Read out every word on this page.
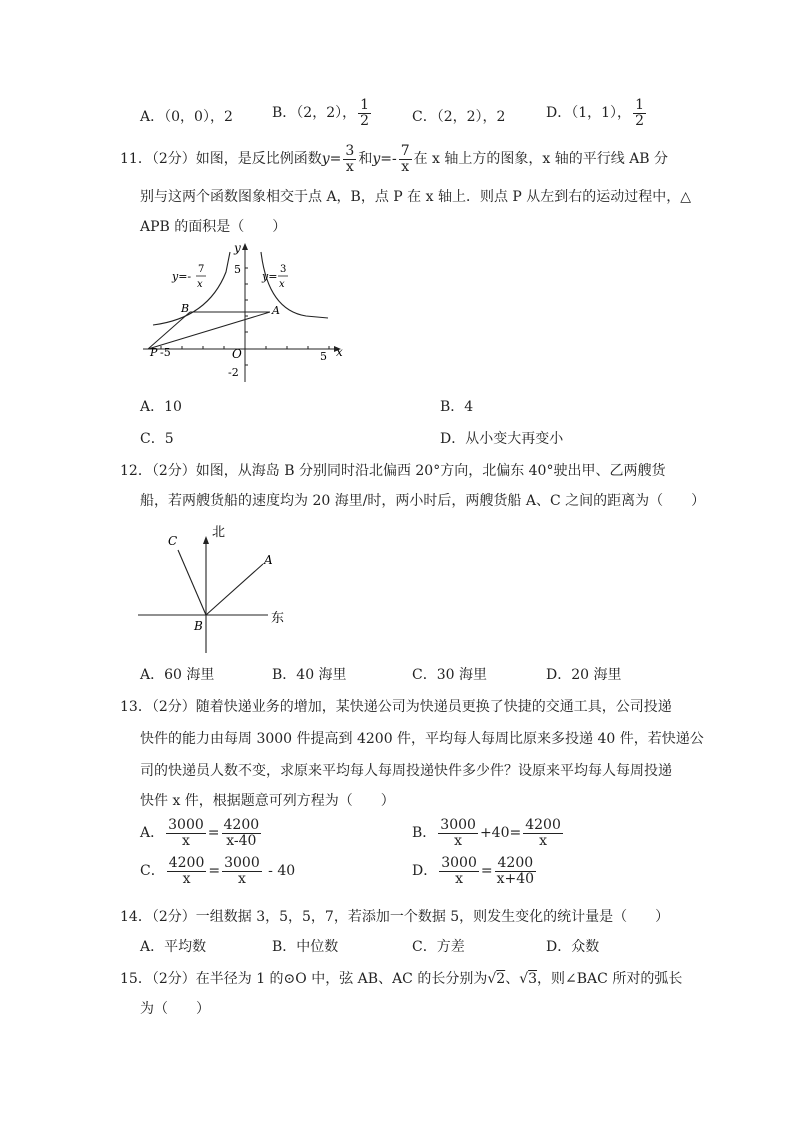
A．（0，0），2	B．（2，2）， $\frac{1}{2}$	C．（2，2），2	D．（1，1）， $\frac{1}{2}$
11．（2分）如图，是反比例函数$y= \frac{3}{x}$ 和$y=- \frac{7}{x}$ 在 x 轴上方的图象，x 轴的平行线 AB 分
别与这两个函数图象相交于点 A，B，点 P 在 x 轴上．则点 P 从左到右的运动过程中，△
APB 的面积是（　　）
y
x
O
5
-2
5
P -5
B	A
y=-
7
x
y=
3
x
A．10	B．4
C．5	D．从小变大再变小
12．（2分）如图，从海岛 B 分别同时沿北偏西 20°方向，北偏东 40°驶出甲、乙两艘货
船，若两艘货船的速度均为 20 海里/时，两小时后，两艘货船 A、C 之间的距离为（　　）
北
东
A
C
B
A．60 海里	B．40 海里	C．30 海里	D．20 海里
13．（2分）随着快递业务的增加，某快递公司为快递员更换了快捷的交通工具，公司投递
快件的能力由每周 3000 件提高到 4200 件，平均每人每周比原来多投递 40 件，若快递公
司的快递员人数不变，求原来平均每人每周投递快件多少件？设原来平均每人每周投递
快件 x 件，根据题意可列方程为（　　）
A． $\frac{3000}{x} = \frac{4200}{x-40}$	B． $\frac{3000}{x} +40= \frac{4200}{x}$
C． $\frac{4200}{x} = \frac{3000}{x} - 40$	D． $\frac{3000}{x} = \frac{4200}{x+40}$
14．（2分）一组数据 3，5，5，7，若添加一个数据 5，则发生变化的统计量是（　　）
A．平均数	B．中位数	C．方差	D．众数
15．（2分）在半径为 1 的⊙O 中，弦 AB、AC 的长分别为√2、√3，则∠BAC 所对的弧长
为（　　）
